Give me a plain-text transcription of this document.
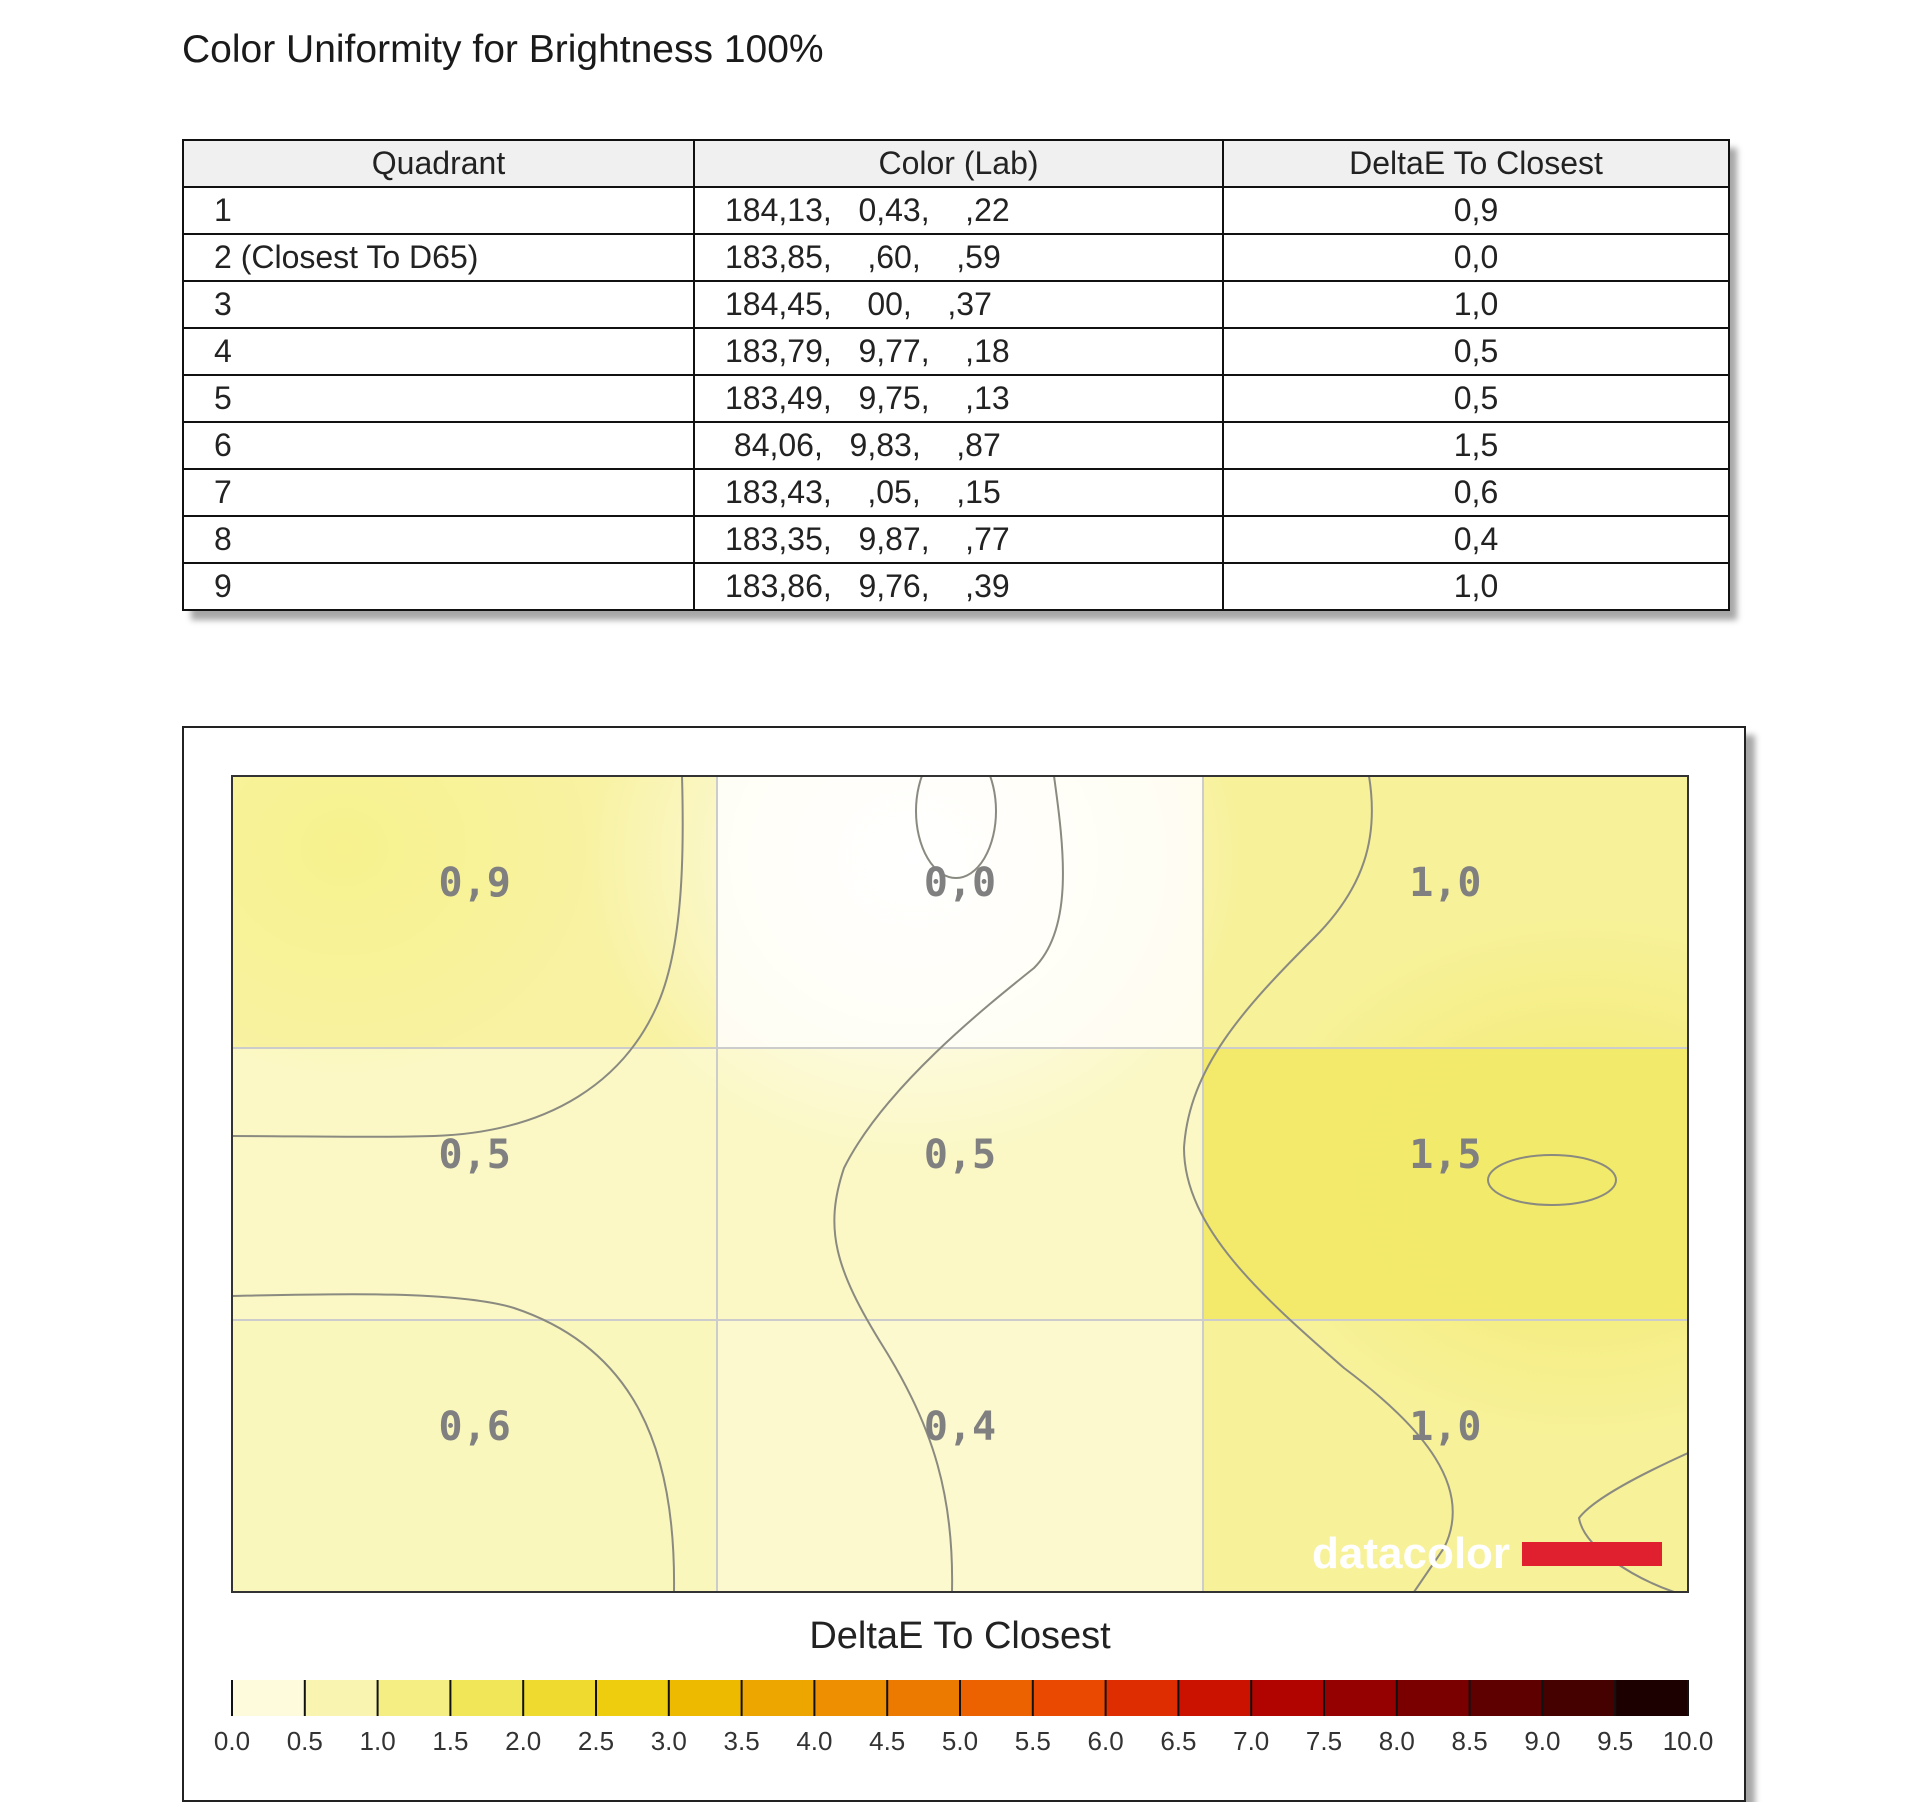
Color Uniformity for Brightness 100%
Quadrant	Color (Lab)	DeltaE To Closest
1	184,13,   0,43,    ,22	0,9
2 (Closest To D65)	183,85,    ,60,    ,59	0,0
3	184,45,    00,    ,37	1,0
4	183,79,   9,77,    ,18	0,5
5	183,49,   9,75,    ,13	0,5
6	84,06,   9,83,    ,87	1,5
7	183,43,    ,05,    ,15	0,6
8	183,35,   9,87,    ,77	0,4
9	183,86,   9,76,    ,39	1,0
0,9	0,0	1,0
0,5	0,5	1,5
0,6	0,4	1,0
datacolor
DeltaE To Closest
0.0 0.5 1.0 1.5 2.0 2.5 3.0 3.5 4.0 4.5 5.0 5.5 6.0 6.5 7.0 7.5 8.0 8.5 9.0 9.5 10.0
